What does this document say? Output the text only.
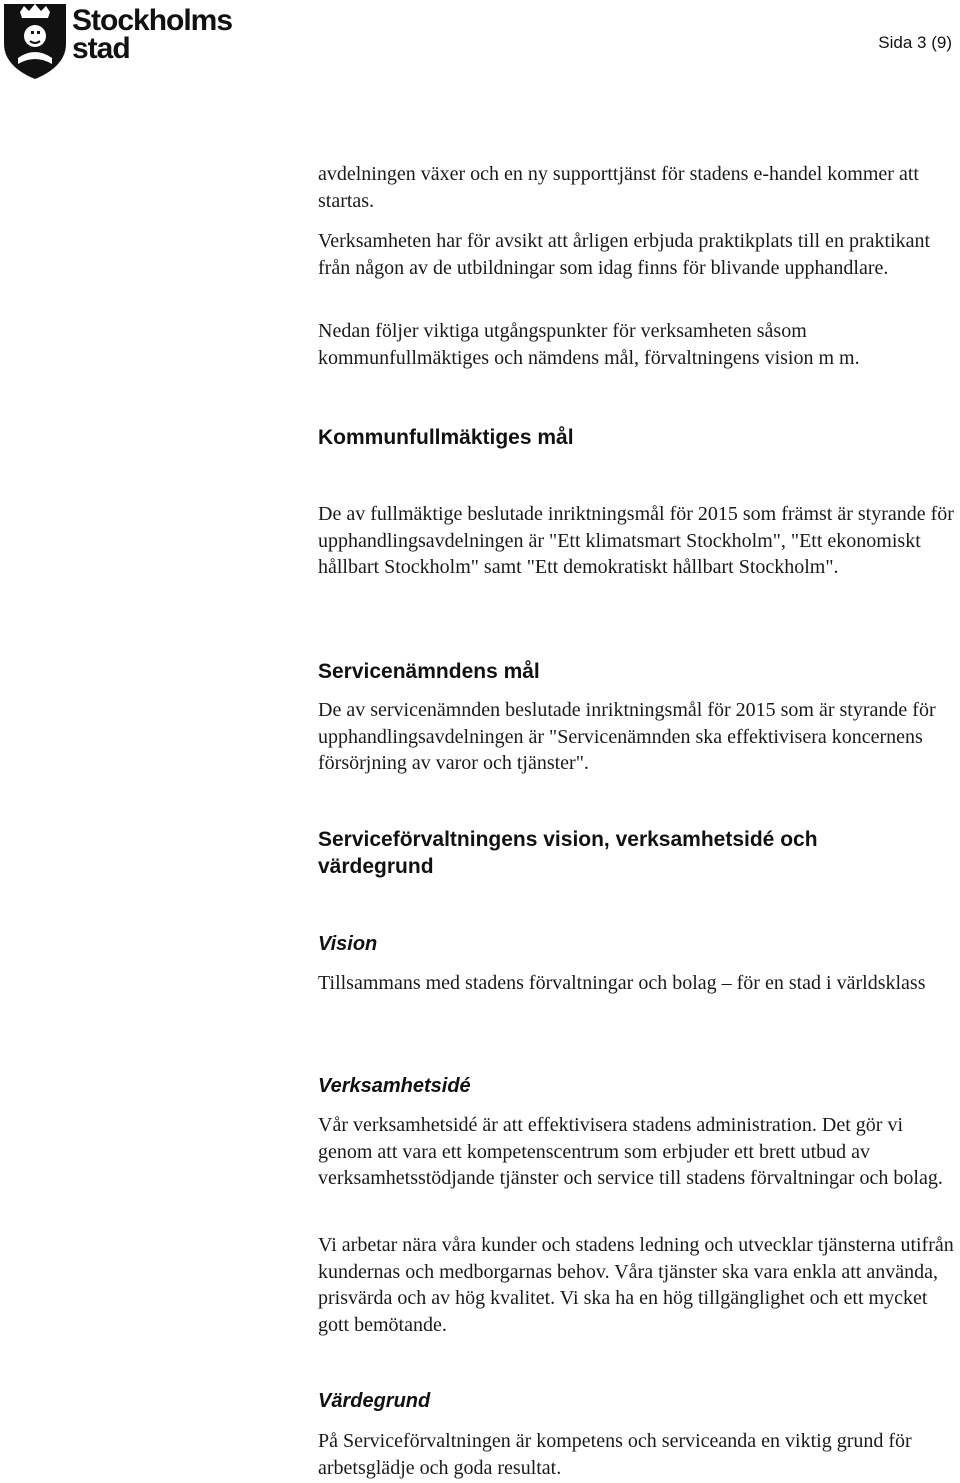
Stockholms
stad	Sida 3 (9)

avdelningen växer och en ny supporttjänst för stadens e-handel kommer att startas.

Verksamheten har för avsikt att årligen erbjuda praktikplats till en praktikant från någon av de utbildningar som idag finns för blivande upphandlare.

Nedan följer viktiga utgångspunkter för verksamheten såsom kommunfullmäktiges och nämdens mål, förvaltningens vision m m.

Kommunfullmäktiges mål

De av fullmäktige beslutade inriktningsmål för 2015 som främst är styrande för upphandlingsavdelningen är "Ett klimatsmart Stockholm", "Ett ekonomiskt hållbart Stockholm" samt "Ett demokratiskt hållbart Stockholm".

Servicenämndens mål

De av servicenämnden beslutade inriktningsmål för 2015 som är styrande för upphandlingsavdelningen är "Servicenämnden ska effektivisera koncernens försörjning av varor och tjänster".

Serviceförvaltningens vision, verksamhetsidé och värdegrund
Vision

Tillsammans med stadens förvaltningar och bolag – för en stad i världsklass

Verksamhetsidé

Vår verksamhetsidé är att effektivisera stadens administration. Det gör vi genom att vara ett kompetenscentrum som erbjuder ett brett utbud av verksamhetsstödjande tjänster och service till stadens förvaltningar och bolag.

Vi arbetar nära våra kunder och stadens ledning och utvecklar tjänsterna utifrån kundernas och medborgarnas behov. Våra tjänster ska vara enkla att använda, prisvärda och av hög kvalitet. Vi ska ha en hög tillgänglighet och ett mycket gott bemötande.

Värdegrund

På Serviceförvaltningen är kompetens och serviceanda en viktig grund för arbetsglädje och goda resultat.
